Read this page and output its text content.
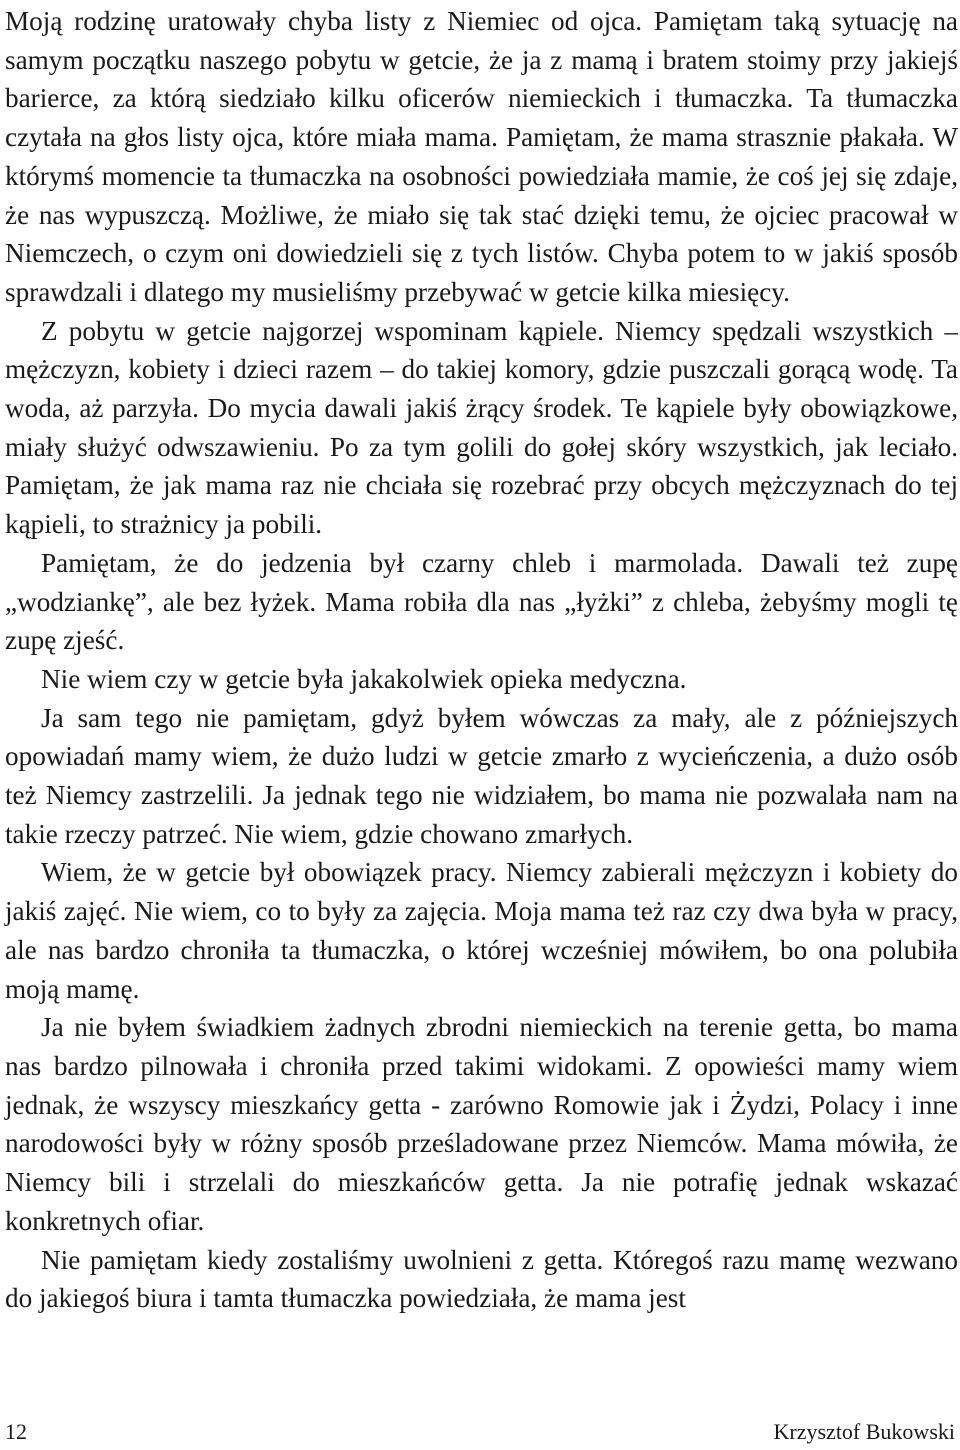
Moją rodzinę uratowały chyba listy z Niemiec od ojca. Pamiętam taką sytuację na samym początku naszego pobytu w getcie, że ja z mamą i bratem stoimy przy jakiejś barierce, za którą siedziało kilku oficerów niemieckich i tłumaczka. Ta tłumaczka czytała na głos listy ojca, które miała mama. Pamiętam, że mama strasznie płakała. W którymś momencie ta tłumaczka na osobności powiedziała mamie, że coś jej się zdaje, że nas wypuszczą. Możliwe, że miało się tak stać dzięki temu, że ojciec pracował w Niemczech, o czym oni dowiedzieli się z tych listów. Chyba potem to w jakiś sposób sprawdzali i dlatego my musieliśmy przebywać w getcie kilka miesięcy.

Z pobytu w getcie najgorzej wspominam kąpiele. Niemcy spędzali wszystkich – mężczyzn, kobiety i dzieci razem – do takiej komory, gdzie puszczali gorącą wodę. Ta woda, aż parzyła. Do mycia dawali jakiś żrący środek. Te kąpiele były obowiązkowe, miały służyć odwszawieniu. Po za tym golili do gołej skóry wszystkich, jak leciało. Pamiętam, że jak mama raz nie chciała się rozebrać przy obcych mężczyznach do tej kąpieli, to strażnicy ja pobili.

Pamiętam, że do jedzenia był czarny chleb i marmolada. Dawali też zupę „wodziankę”, ale bez łyżek. Mama robiła dla nas „łyżki” z chleba, żebyśmy mogli tę zupę zjeść.

Nie wiem czy w getcie była jakakolwiek opieka medyczna.

Ja sam tego nie pamiętam, gdyż byłem wówczas za mały, ale z późniejszych opowiadań mamy wiem, że dużo ludzi w getcie zmarło z wycieńczenia, a dużo osób też Niemcy zastrzelili. Ja jednak tego nie widziałem, bo mama nie pozwalała nam na takie rzeczy patrzeć. Nie wiem, gdzie chowano zmarłych.

Wiem, że w getcie był obowiązek pracy. Niemcy zabierali mężczyzn i kobiety do jakiś zajęć. Nie wiem, co to były za zajęcia. Moja mama też raz czy dwa była w pracy, ale nas bardzo chroniła ta tłumaczka, o której wcześniej mówiłem, bo ona polubiła moją mamę.

Ja nie byłem świadkiem żadnych zbrodni niemieckich na terenie getta, bo mama nas bardzo pilnowała i chroniła przed takimi widokami. Z opowieści mamy wiem jednak, że wszyscy mieszkańcy getta - zarówno Romowie jak i Żydzi, Polacy i inne narodowości były w różny sposób prześladowane przez Niemców. Mama mówiła, że Niemcy bili i strzelali do mieszkańców getta. Ja nie potrafię jednak wskazać konkretnych ofiar.

Nie pamiętam kiedy zostaliśmy uwolnieni z getta. Któregoś razu mamę wezwano do jakiegoś biura i tamta tłumaczka powiedziała, że mama jest

12	Krzysztof Bukowski
